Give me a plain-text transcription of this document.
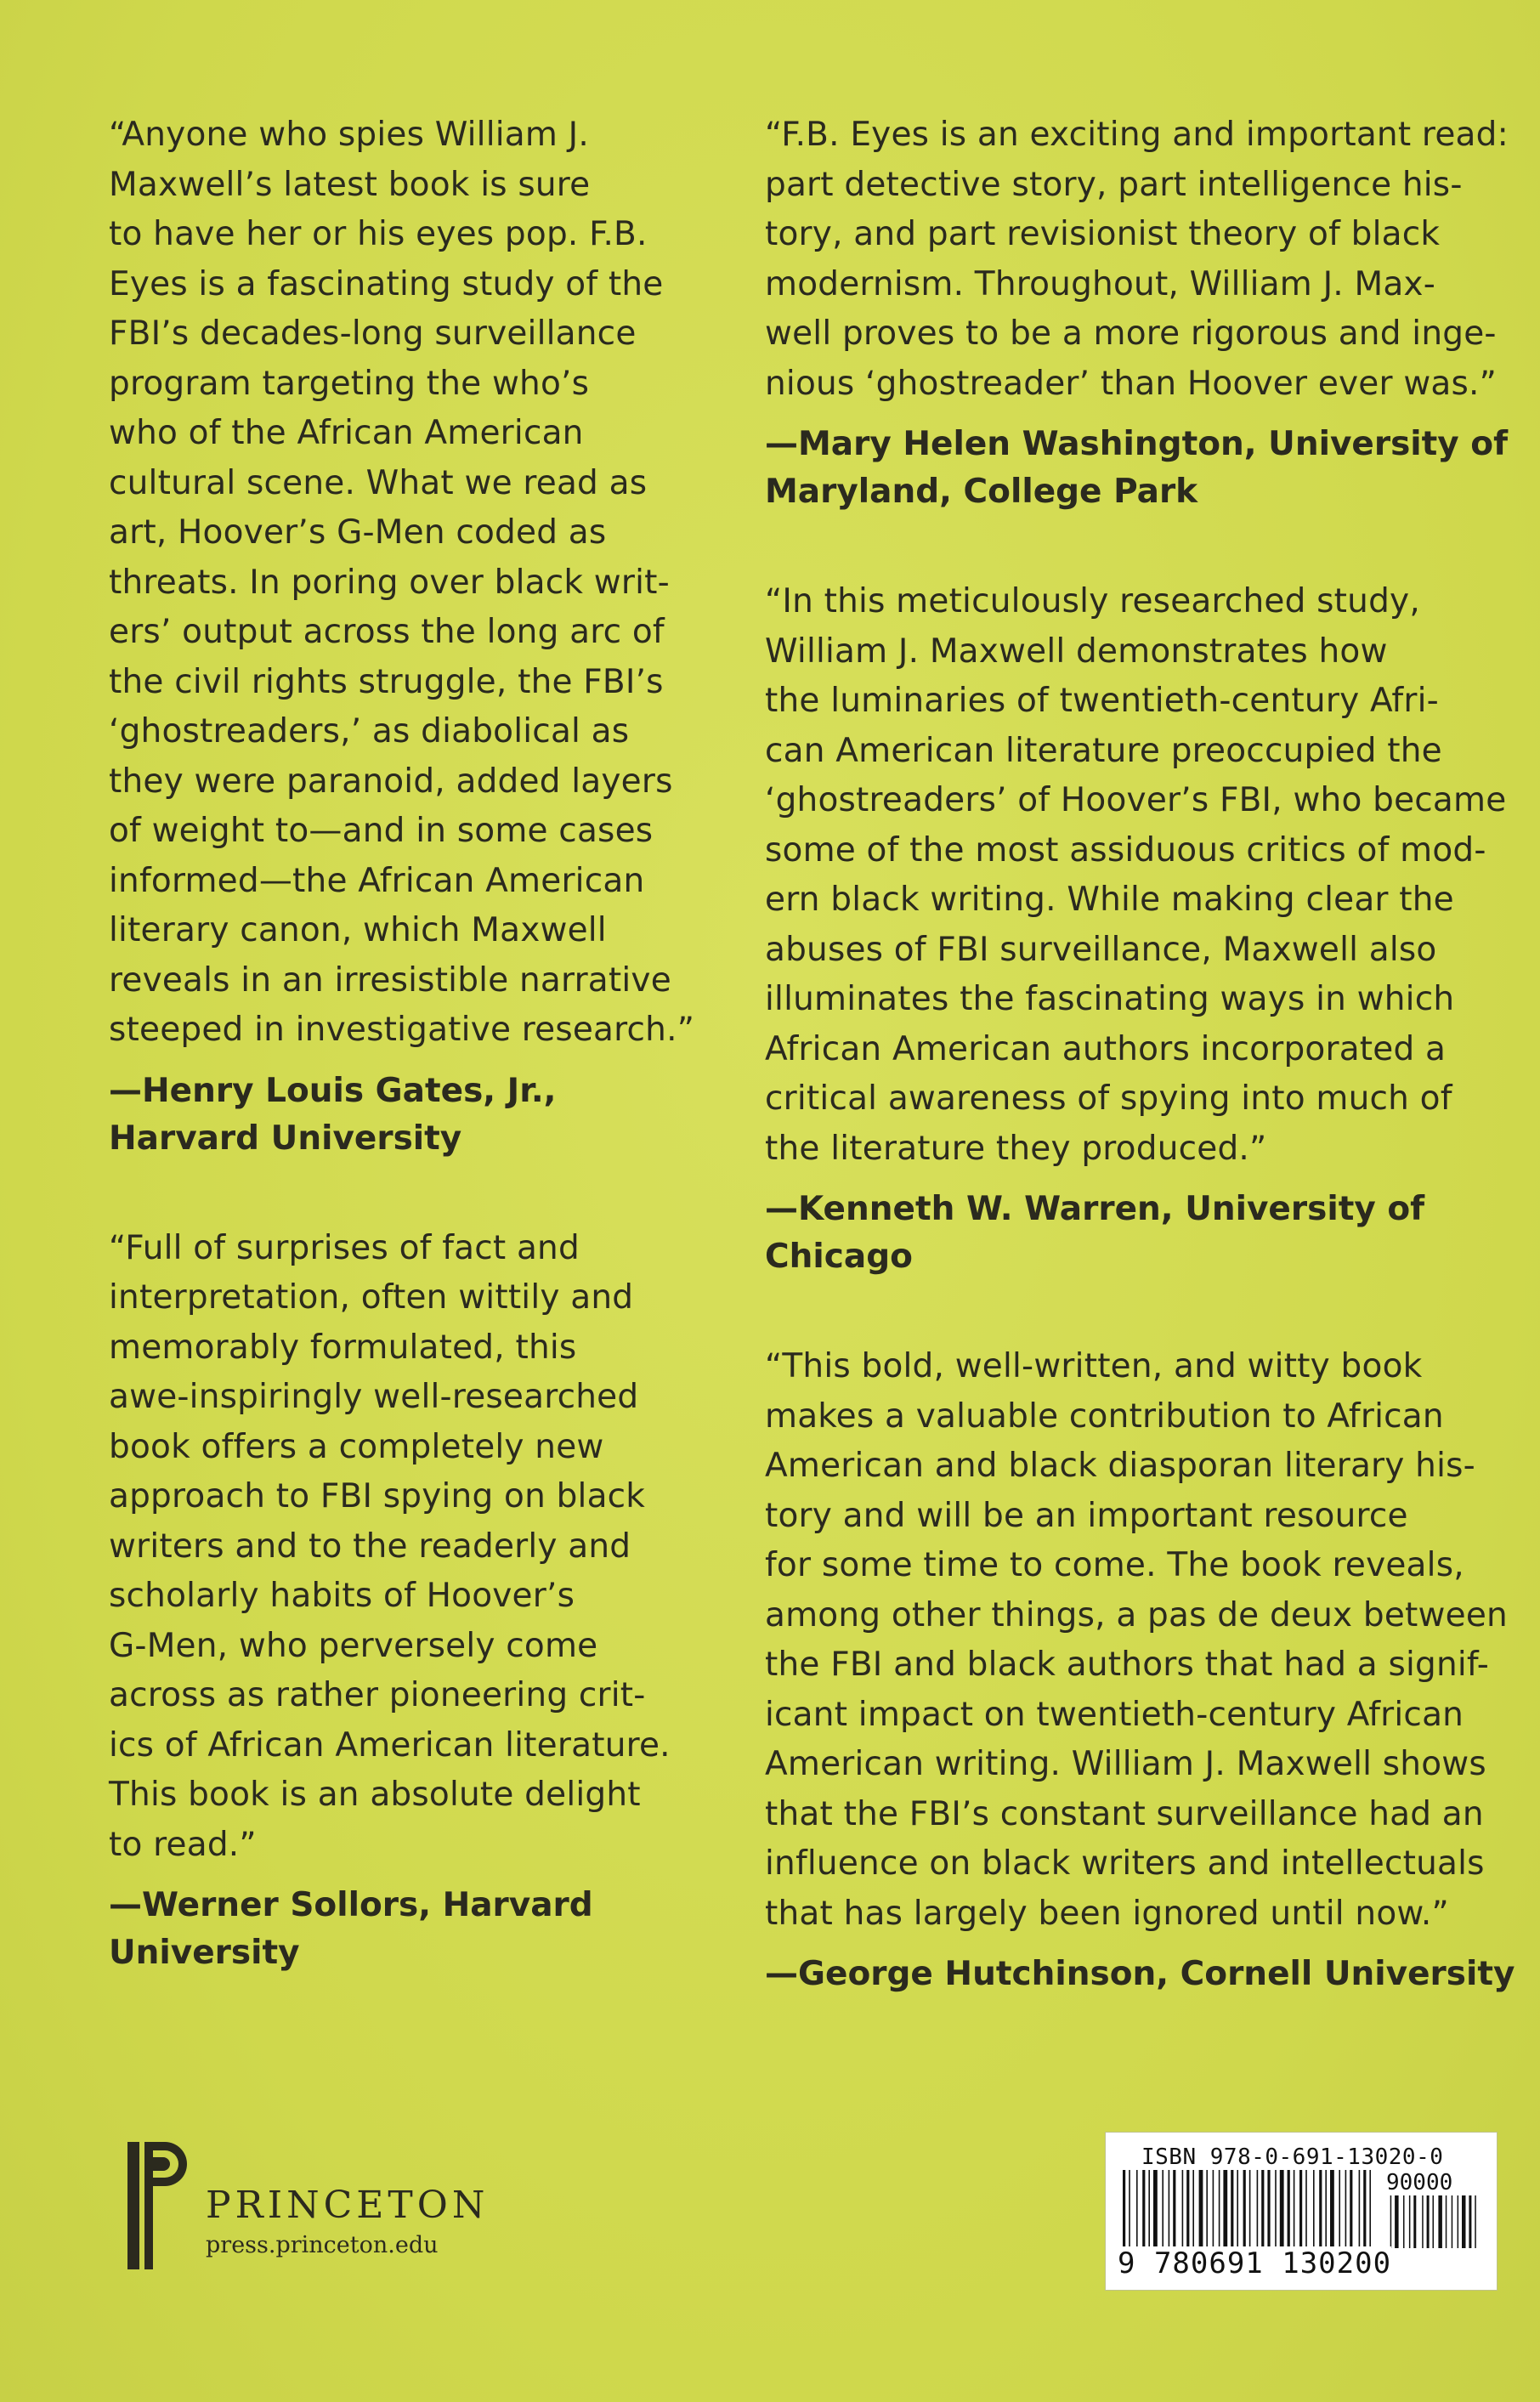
“Anyone who spies William J.
Maxwell’s latest book is sure
to have her or his eyes pop. F.B.
Eyes is a fascinating study of the
FBI’s decades-long surveillance
program targeting the who’s
who of the African American
cultural scene. What we read as
art, Hoover’s G-Men coded as
threats. In poring over black writ-
ers’ output across the long arc of
the civil rights struggle, the FBI’s
‘ghostreaders,’ as diabolical as
they were paranoid, added layers
of weight to—and in some cases
informed—the African American
literary canon, which Maxwell
reveals in an irresistible narrative
steeped in investigative research.”

—Henry Louis Gates, Jr.,
Harvard University

“Full of surprises of fact and
interpretation, often wittily and
memorably formulated, this
awe-inspiringly well-researched
book offers a completely new
approach to FBI spying on black
writers and to the readerly and
scholarly habits of Hoover’s
G-Men, who perversely come
across as rather pioneering crit-
ics of African American literature.
This book is an absolute delight
to read.”

—Werner Sollors, Harvard
University

“F.B. Eyes is an exciting and important read:
part detective story, part intelligence his-
tory, and part revisionist theory of black
modernism. Throughout, William J. Max-
well proves to be a more rigorous and inge-
nious ‘ghostreader’ than Hoover ever was.”

—Mary Helen Washington, University of
Maryland, College Park

“In this meticulously researched study,
William J. Maxwell demonstrates how
the luminaries of twentieth-century Afri-
can American literature preoccupied the
‘ghostreaders’ of Hoover’s FBI, who became
some of the most assiduous critics of mod-
ern black writing. While making clear the
abuses of FBI surveillance, Maxwell also
illuminates the fascinating ways in which
African American authors incorporated a
critical awareness of spying into much of
the literature they produced.”

—Kenneth W. Warren, University of
Chicago

“This bold, well-written, and witty book
makes a valuable contribution to African
American and black diasporan literary his-
tory and will be an important resource
for some time to come. The book reveals,
among other things, a pas de deux between
the FBI and black authors that had a signif-
icant impact on twentieth-century African
American writing. William J. Maxwell shows
that the FBI’s constant surveillance had an
influence on black writers and intellectuals
that has largely been ignored until now.”

—George Hutchinson, Cornell University

PRINCETON
press.princeton.edu
ISBN 978-0-691-13020-0
90000
9 780691 130200
